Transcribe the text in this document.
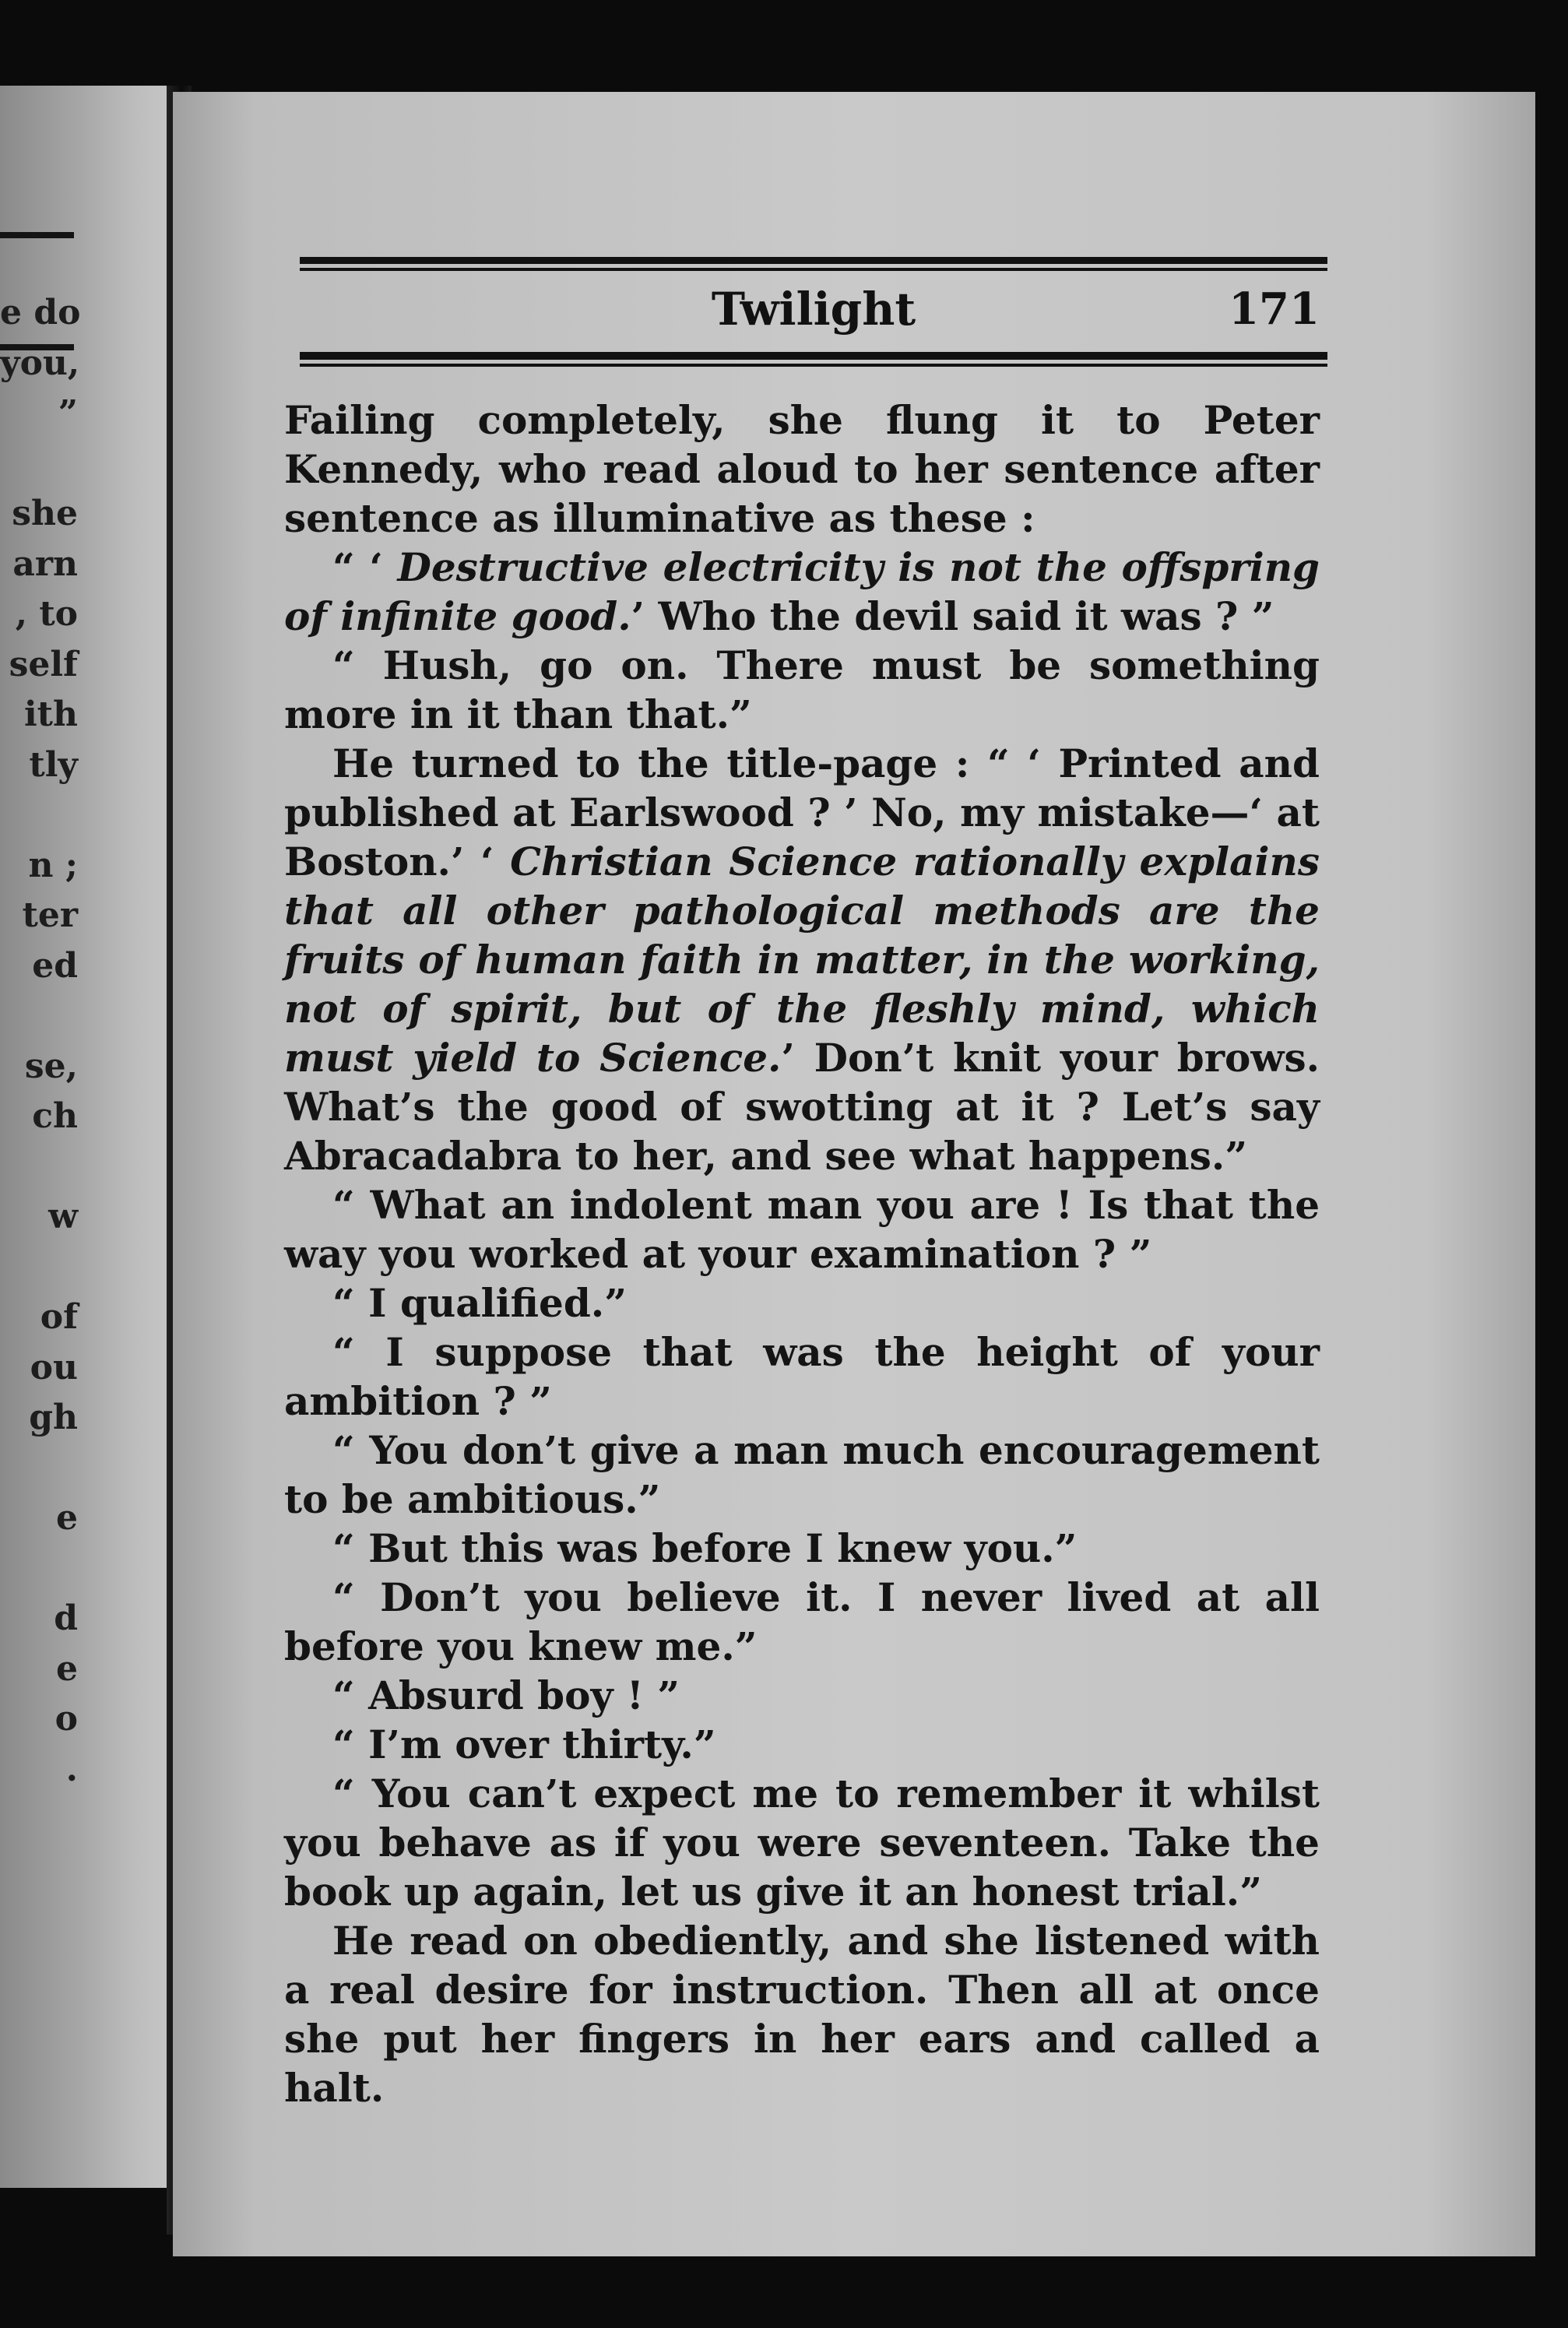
e do
you,
”
she
arn
, to
self
ith
tly
n ;
ter
ed
se,
ch
w
of
ou
gh
e
d
e
o
.
Twilight	171

Failing completely, she flung it to Peter Kennedy, who read aloud to her sentence after sentence as illuminative as these :

“ ‘ Destructive electricity is not the offspring of infinite good.’ Who the devil said it was ? ”

“ Hush, go on. There must be something more in it than that.”

He turned to the title-page : “ ‘ Printed and published at Earlswood ? ’ No, my mistake—‘ at Boston.’ ‘ Christian Science rationally explains that all other pathological methods are the fruits of human faith in matter, in the working, not of spirit, but of the fleshly mind, which must yield to Science.’ Don’t knit your brows. What’s the good of swotting at it ? Let’s say Abracadabra to her, and see what happens.”

“ What an indolent man you are ! Is that the way you worked at your examination ? ”

“ I qualified.”

“ I suppose that was the height of your ambition ? ”

“ You don’t give a man much encouragement to be ambitious.”

“ But this was before I knew you.”

“ Don’t you believe it. I never lived at all before you knew me.”

“ Absurd boy ! ”

“ I’m over thirty.”

“ You can’t expect me to remember it whilst you behave as if you were seventeen. Take the book up again, let us give it an honest trial.”

He read on obediently, and she listened with a real desire for instruction. Then all at once she put her fingers in her ears and called a halt.
